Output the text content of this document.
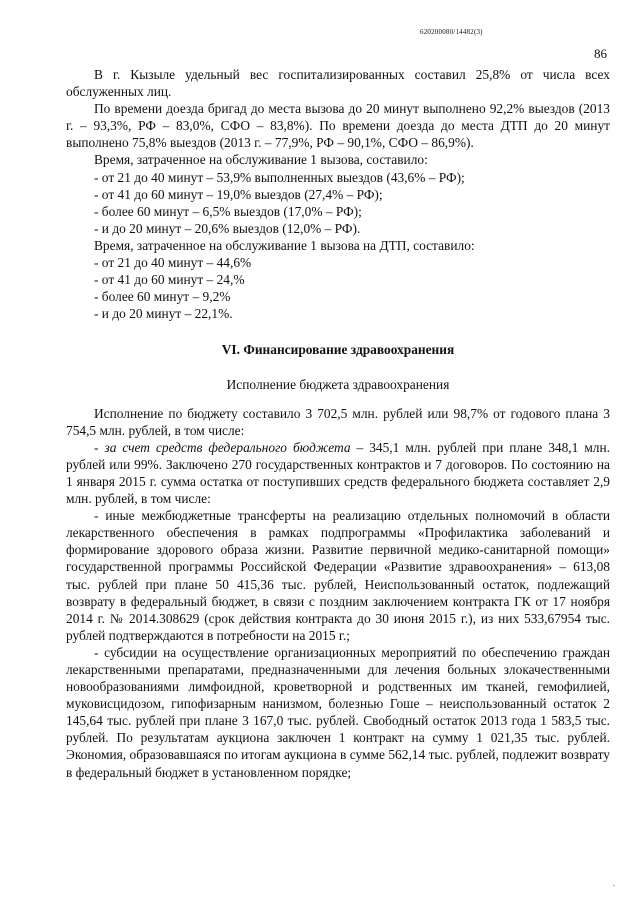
620200080/14482(3)
86

В г. Кызыле удельный вес госпитализированных составил 25,8% от числа всех обслуженных лиц.

По времени доезда бригад до места вызова до 20 минут выполнено 92,2% выездов (2013 г. – 93,3%, РФ – 83,0%, СФО – 83,8%). По времени доезда до места ДТП до 20 минут выполнено 75,8% выездов (2013 г. – 77,9%, РФ – 90,1%, СФО – 86,9%).

Время, затраченное на обслуживание 1 вызова, составило:

- от 21 до 40 минут – 53,9% выполненных выездов (43,6% – РФ);

- от 41 до 60 минут – 19,0% выездов (27,4% – РФ);

- более 60 минут – 6,5% выездов (17,0% – РФ);

- и до 20 минут – 20,6% выездов (12,0% – РФ).

Время, затраченное на обслуживание 1 вызова на ДТП, составило:

- от 21 до 40 минут – 44,6%

- от 41 до 60 минут – 24,%

- более 60 минут – 9,2%

- и до 20 минут – 22,1%.

VI. Финансирование здравоохранения

Исполнение бюджета здравоохранения

Исполнение по бюджету составило 3 702,5 млн. рублей или 98,7% от годового плана 3 754,5 млн. рублей, в том числе:

- за счет средств федерального бюджета – 345,1 млн. рублей при плане 348,1 млн. рублей или 99%. Заключено 270 государственных контрактов и 7 договоров. По состоянию на 1 января 2015 г. сумма остатка от поступивших средств федерального бюджета составляет 2,9 млн. рублей, в том числе:

- иные межбюджетные трансферты на реализацию отдельных полномочий в области лекарственного обеспечения в рамках подпрограммы «Профилактика заболеваний и формирование здорового образа жизни. Развитие первичной медико-санитарной помощи» государственной программы Российской Федерации «Развитие здравоохранения» – 613,08 тыс. рублей при плане 50 415,36 тыс. рублей, Неиспользованный остаток, подлежащий возврату в федеральный бюджет, в связи с поздним заключением контракта ГК от 17 ноября 2014 г. № 2014.308629 (срок действия контракта до 30 июня 2015 г.), из них 533,67954 тыс. рублей подтверждаются в потребности на 2015 г.;

- субсидии на осуществление организационных мероприятий по обеспечению граждан лекарственными препаратами, предназначенными для лечения больных злокачественными новообразованиями лимфоидной, кроветворной и родственных им тканей, гемофилией, муковисцидозом, гипофизарным нанизмом, болезнью Гоше – неиспользованный остаток 2 145,64 тыс. рублей при плане 3 167,0 тыс. рублей. Свободный остаток 2013 года 1 583,5 тыс. рублей. По результатам аукциона заключен 1 контракт на сумму 1 021,35 тыс. рублей. Экономия, образовавшаяся по итогам аукциона в сумме 562,14 тыс. рублей, подлежит возврату в федеральный бюджет в установленном порядке;

·
